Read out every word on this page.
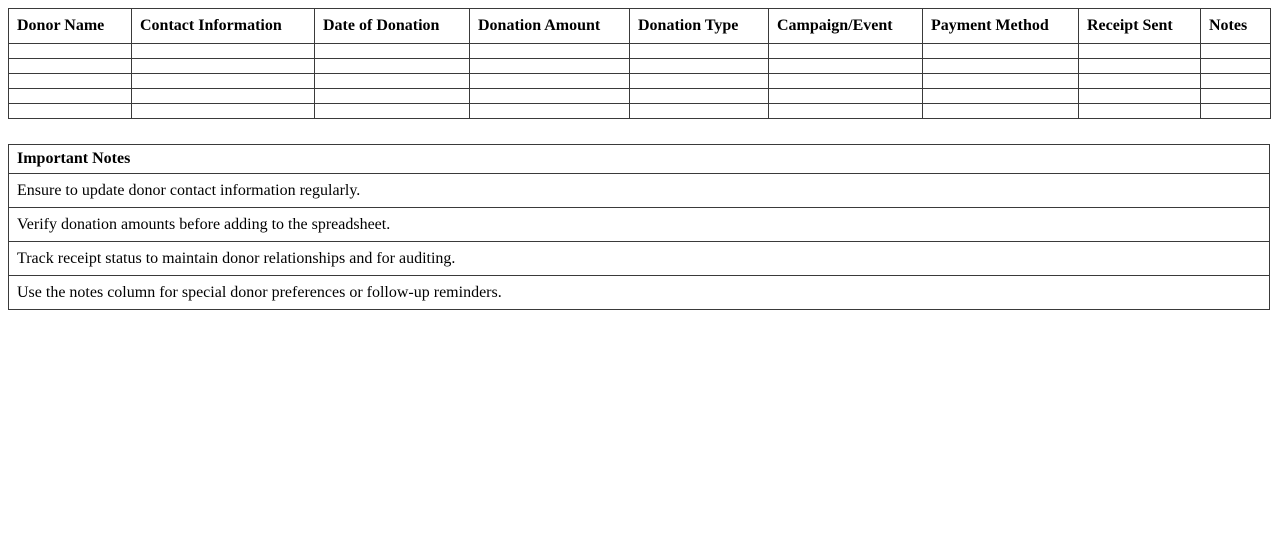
Donor Name	Contact Information	Date of Donation	Donation Amount	Donation Type	Campaign/Event	Payment Method	Receipt Sent	Notes

Important Notes
Ensure to update donor contact information regularly.
Verify donation amounts before adding to the spreadsheet.
Track receipt status to maintain donor relationships and for auditing.
Use the notes column for special donor preferences or follow-up reminders.
